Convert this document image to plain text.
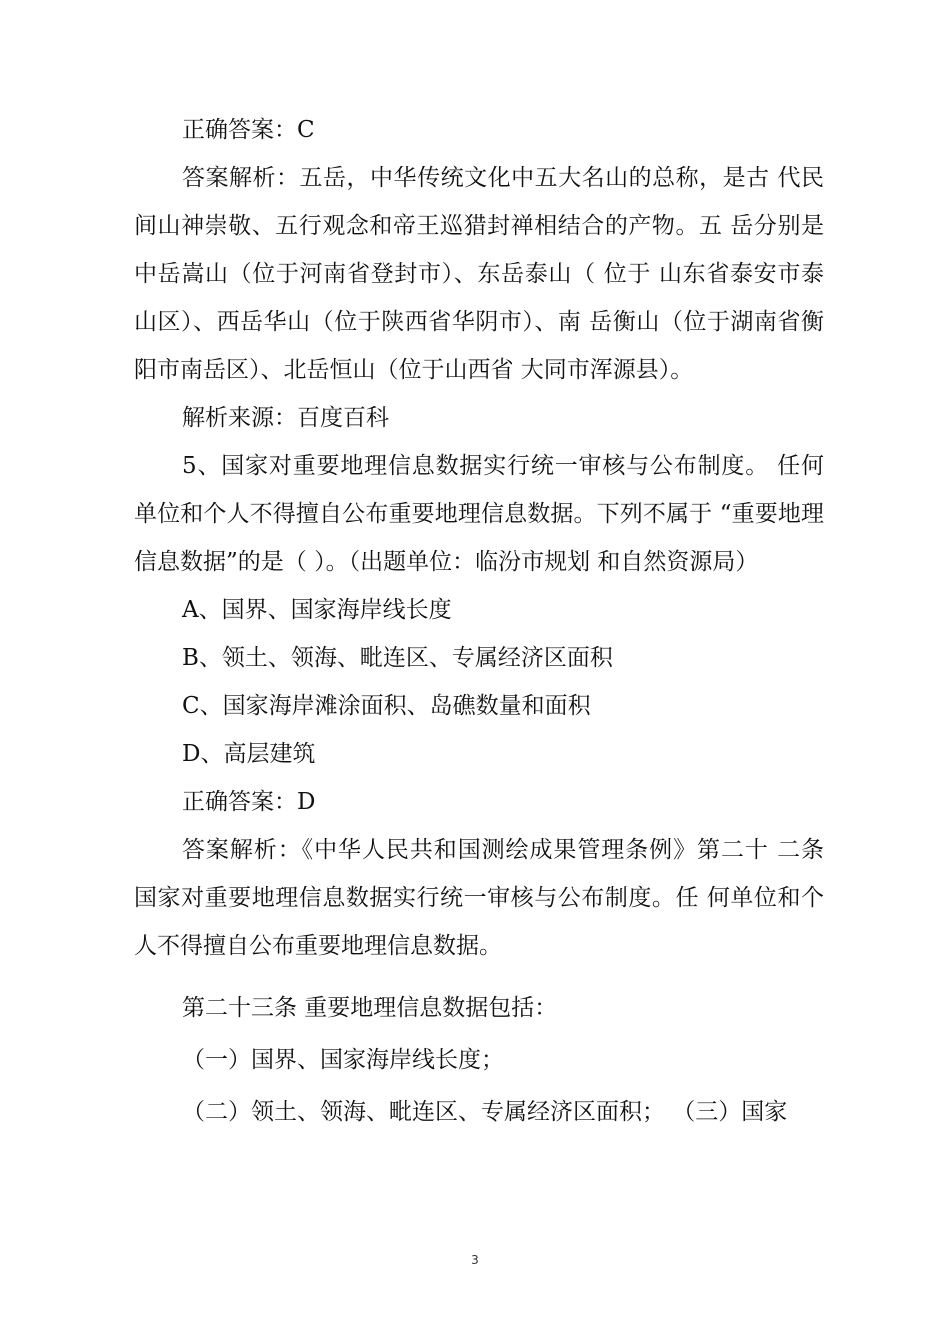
正确答案：C

答案解析：五岳，中华传统文化中五大名山的总称，是古 代民间山神崇敬、五行观念和帝王巡猎封禅相结合的产物。五 岳分别是中岳嵩山（位于河南省登封市）、东岳泰山（ 位于 山东省泰安市泰山区）、西岳华山（位于陕西省华阴市）、南 岳衡山（位于湖南省衡阳市南岳区）、北岳恒山（位于山西省 大同市浑源县）。

解析来源：百度百科

5、国家对重要地理信息数据实行统一审核与公布制度。 任何单位和个人不得擅自公布重要地理信息数据。下列不属于 “重要地理信息数据”的是（ ）。（出题单位：临汾市规划 和自然资源局）

A、国界、国家海岸线长度

B、领土、领海、毗连区、专属经济区面积

C、国家海岸滩涂面积、岛礁数量和面积

D、高层建筑

正确答案：D

答案解析：《中华人民共和国测绘成果管理条例》第二十 二条 国家对重要地理信息数据实行统一审核与公布制度。任 何单位和个人不得擅自公布重要地理信息数据。

第二十三条 重要地理信息数据包括：

（一）国界、国家海岸线长度；

（二）领土、领海、毗连区、专属经济区面积； （三）国家

3
